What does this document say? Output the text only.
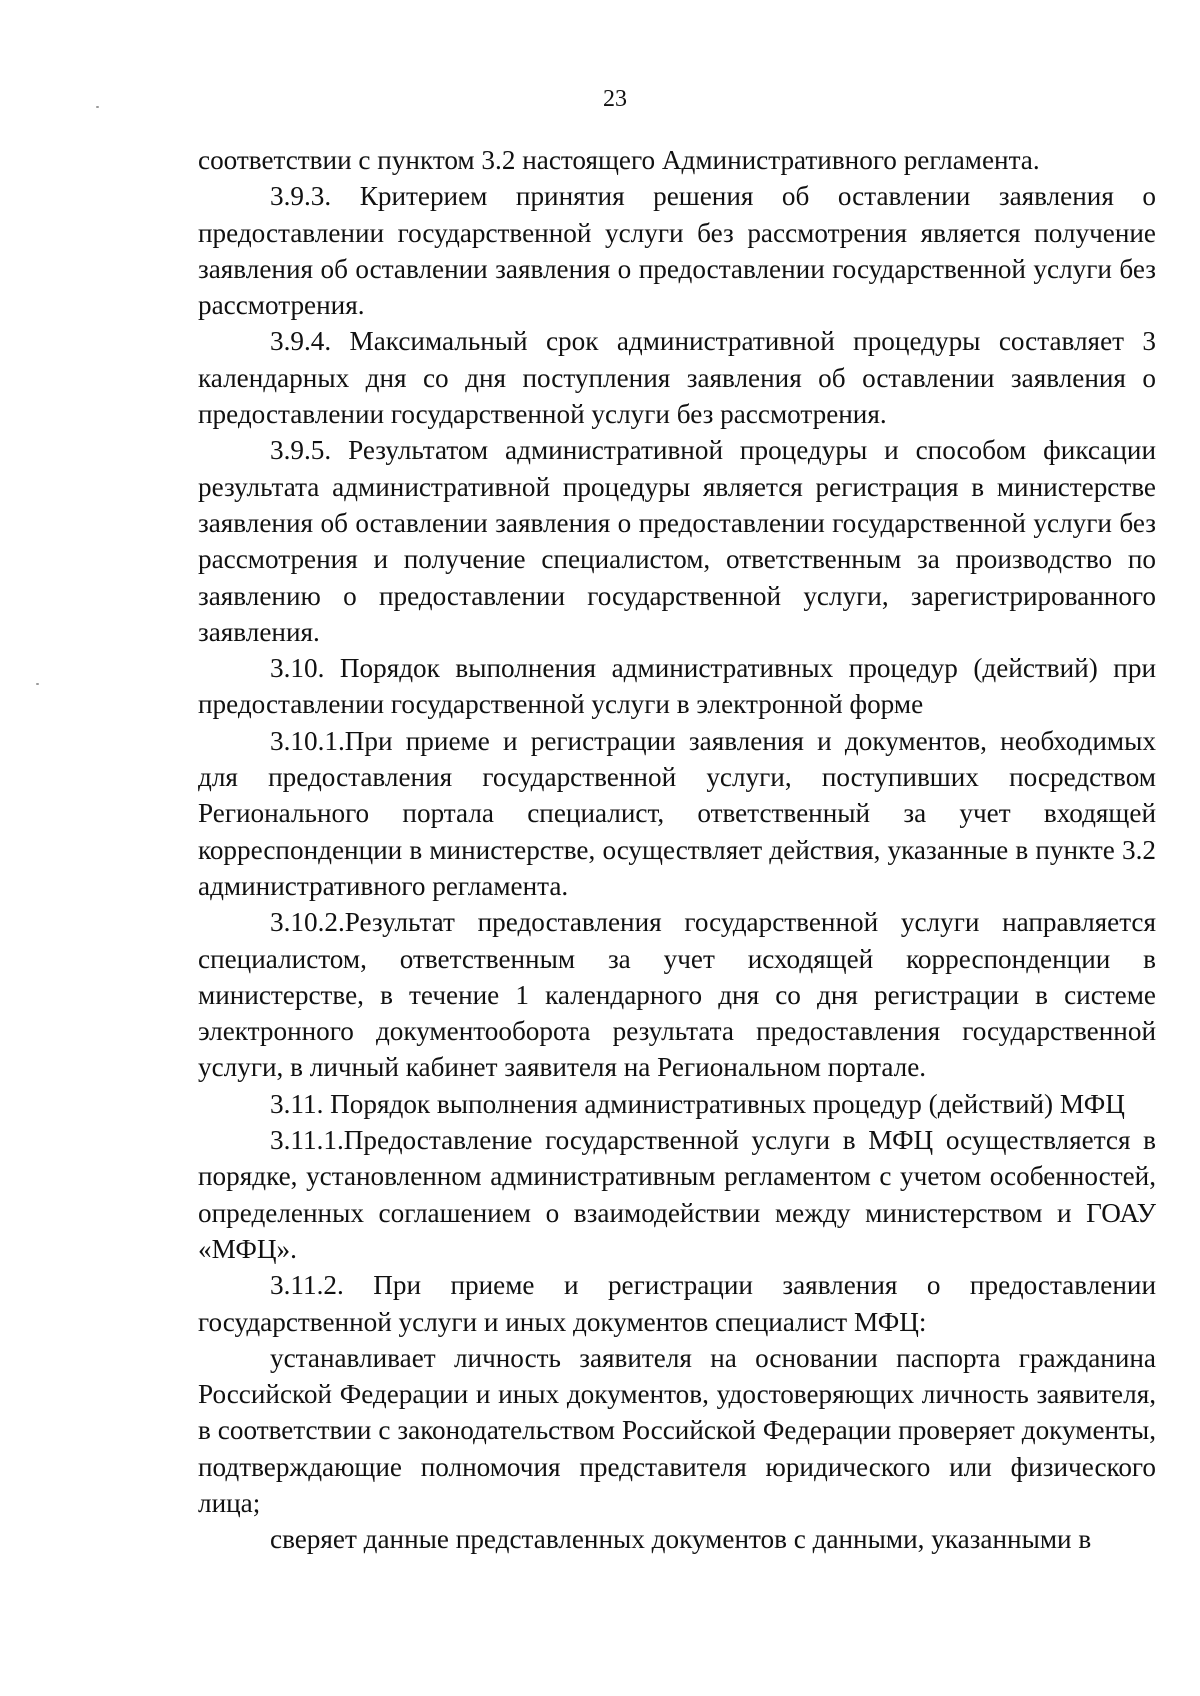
23

соответствии с пунктом 3.2 настоящего Административного регламента.

3.9.3. Критерием принятия решения об оставлении заявления о предоставлении государственной услуги без рассмотрения является получение заявления об оставлении заявления о предоставлении государственной услуги без рассмотрения.

3.9.4. Максимальный срок административной процедуры составляет 3 календарных дня со дня поступления заявления об оставлении заявления о предоставлении государственной услуги без рассмотрения.

3.9.5. Результатом административной процедуры и способом фиксации результата административной процедуры является регистрация в министерстве заявления об оставлении заявления о предоставлении государственной услуги без рассмотрения и получение специалистом, ответственным за производство по заявлению о предоставлении государственной услуги, зарегистрированного заявления.

3.10. Порядок выполнения административных процедур (действий) при предоставлении государственной услуги в электронной форме

3.10.1.При приеме и регистрации заявления и документов, необходимых для предоставления государственной услуги, поступивших посредством Регионального портала специалист, ответственный за учет входящей корреспонденции в министерстве, осуществляет действия, указанные в пункте 3.2 административного регламента.

3.10.2.Результат предоставления государственной услуги направляется специалистом, ответственным за учет исходящей корреспонденции в министерстве, в течение 1 календарного дня со дня регистрации в системе электронного документооборота результата предоставления государственной услуги, в личный кабинет заявителя на Региональном портале.

3.11. Порядок выполнения административных процедур (действий) МФЦ

3.11.1.Предоставление государственной услуги в МФЦ осуществляется в порядке, установленном административным регламентом с учетом особенностей, определенных соглашением о взаимодействии между министерством и ГОАУ «МФЦ».

3.11.2. При приеме и регистрации заявления о предоставлении государственной услуги и иных документов специалист МФЦ:

устанавливает личность заявителя на основании паспорта гражданина Российской Федерации и иных документов, удостоверяющих личность заявителя, в соответствии с законодательством Российской Федерации проверяет документы, подтверждающие полномочия представителя юридического или физического лица;

сверяет данные представленных документов с данными, указанными в
